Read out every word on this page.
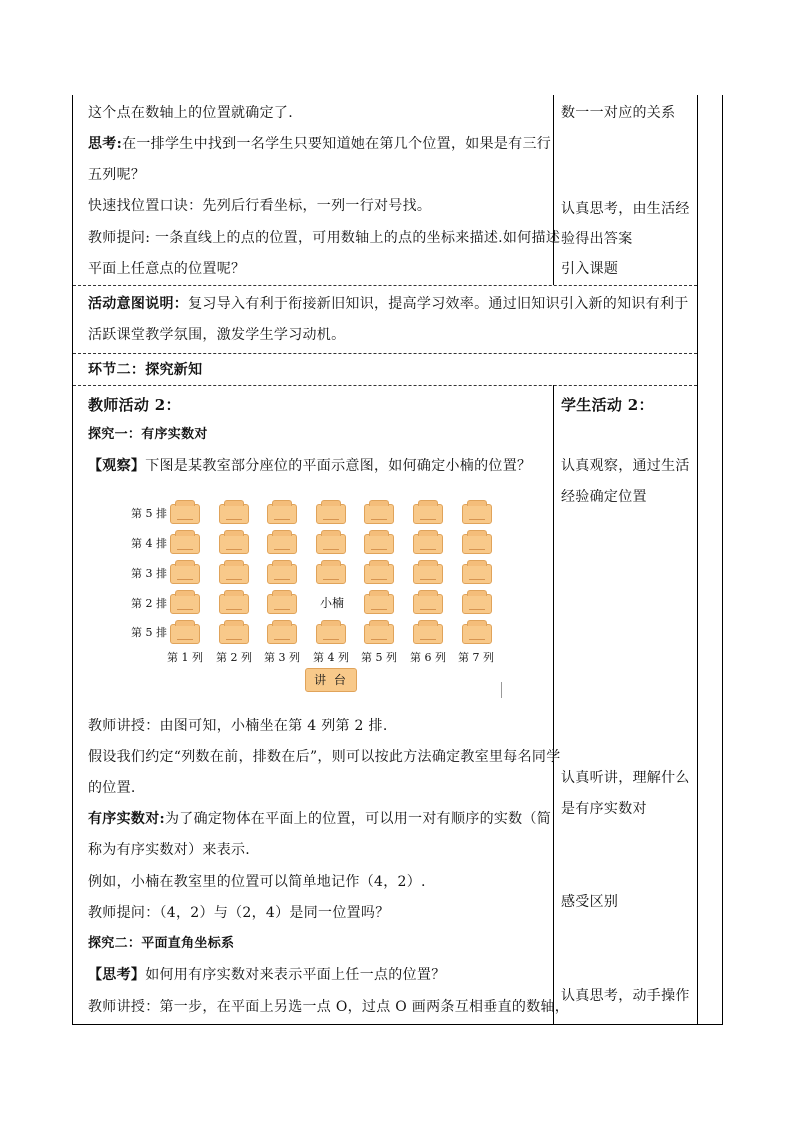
这个点在数轴上的位置就确定了.
思考:在一排学生中找到一名学生只要知道她在第几个位置，如果是有三行
五列呢？
快速找位置口诀：先列后行看坐标，一列一行对号找。
教师提问: 一条直线上的点的位置，可用数轴上的点的坐标来描述.如何描述
平面上任意点的位置呢？
数一一对应的关系
认真思考，由生活经
验得出答案
引入课题
活动意图说明：复习导入有利于衔接新旧知识，提高学习效率。通过旧知识引入新的知识有利于
活跃课堂教学氛围，激发学生学习动机。
环节二：探究新知
教师活动 2：	学生活动 2：
探究一：有序实数对
【观察】下图是某教室部分座位的平面示意图，如何确定小楠的位置？
第 5 排
第 4 排
第 3 排
第 2 排
第 5 排
小楠
第 1 列	第 2 列	第 3 列	第 4 列	第 5 列	第 6 列	第 7 列
讲 台
教师讲授：由图可知，小楠坐在第 4 列第 2 排.
假设我们约定“列数在前，排数在后”，则可以按此方法确定教室里每名同学
的位置.
有序实数对:为了确定物体在平面上的位置，可以用一对有顺序的实数（简
称为有序实数对）来表示.
例如，小楠在教室里的位置可以简单地记作（4，2）.
教师提问：（4，2）与（2，4）是同一位置吗？
探究二：平面直角坐标系
【思考】如何用有序实数对来表示平面上任一点的位置？
教师讲授：第一步，在平面上另选一点 O，过点 O 画两条互相垂直的数轴，
认真观察，通过生活
经验确定位置
认真听讲，理解什么
是有序实数对
感受区别
认真思考，动手操作
